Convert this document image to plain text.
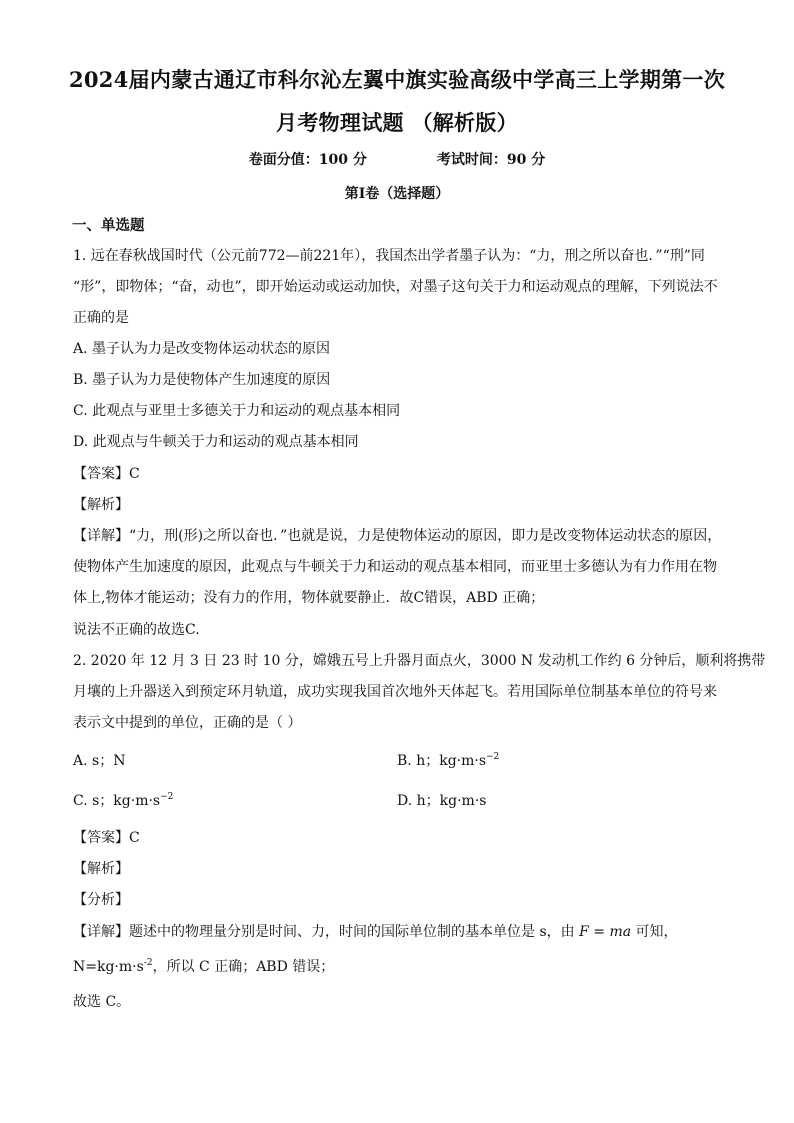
2024届内蒙古通辽市科尔沁左翼中旗实验高级中学高三上学期第一次
月考物理试题 （解析版）
卷面分值：100 分	考试时间：90 分
第Ⅰ卷（选择题）
一、单选题
1. 远在春秋战国时代（公元前772—前221年），我国杰出学者墨子认为：“力，刑之所以奋也．”“刑”同
“形”，即物体；“奋，动也”，即开始运动或运动加快，对墨子这句关于力和运动观点的理解，下列说法不
正确的是
A. 墨子认为力是改变物体运动状态的原因
B. 墨子认为力是使物体产生加速度的原因
C. 此观点与亚里士多德关于力和运动的观点基本相同
D. 此观点与牛顿关于力和运动的观点基本相同
【答案】C
【解析】
【详解】“力，刑(形)之所以奋也．”也就是说，力是使物体运动的原因，即力是改变物体运动状态的原因，
使物体产生加速度的原因，此观点与牛顿关于力和运动的观点基本相同，而亚里士多德认为有力作用在物
体上,物体才能运动；没有力的作用，物体就要静止．故C错误，ABD 正确；
说法不正确的故选C.
2. 2020 年 12 月 3 日 23 时 10 分，嫦娥五号上升器月面点火，3000 N 发动机工作约 6 分钟后，顺利将携带
月壤的上升器送入到预定环月轨道，成功实现我国首次地外天体起飞。若用国际单位制基本单位的符号来
表示文中提到的单位，正确的是（ ）
A. s；N	B. h；$kg\cdot m\cdot s^{-2}$
C. s；$kg\cdot m\cdot s^{-2}$	D. h；kg·m·s
【答案】C
【解析】
【分析】
【详解】题述中的物理量分别是时间、力，时间的国际单位制的基本单位是 s，由 F = ma 可知，
$N=kg\cdot m\cdot s^{-2}$，所以 C 正确；ABD 错误；
故选 C。
